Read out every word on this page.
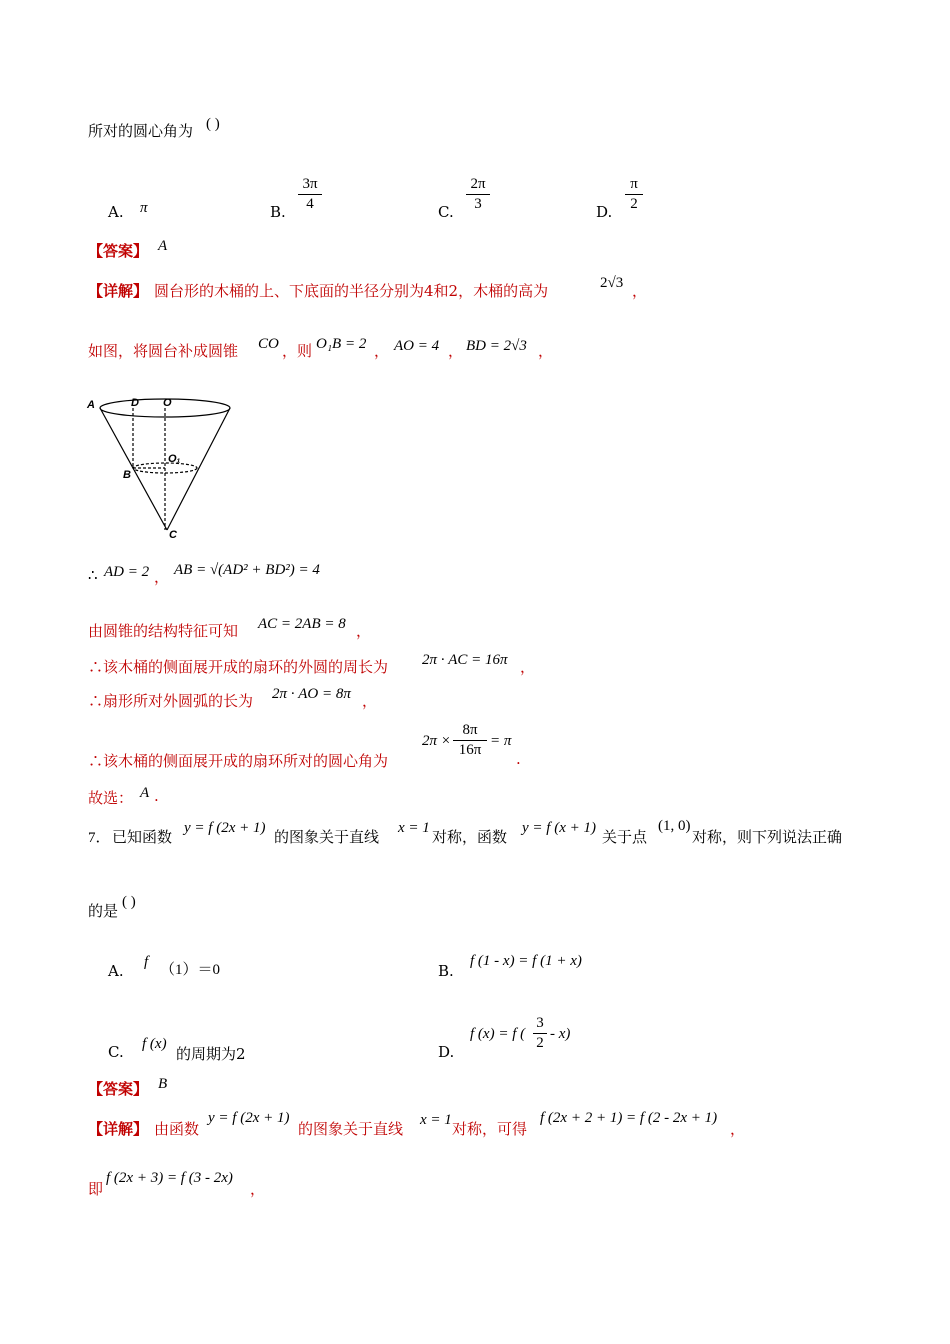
所对的圆心角为 ( )
A. π	B.
3π
4	C.
2π
3	D.
π
2
【答案】 A
【详解】 圆台形的木桶的上、下底面的半径分别为4和2，木桶的高为	2√3 ，
如图，将圆台补成圆锥 CO ，则 O₁B = 2 ， AO = 4 ， BD = 2√3 ，
A	D O
O₁
B
C
∴ AD = 2 ， AB = √(AD² + BD²) = 4
由圆锥的结构特征可知 AC = 2AB = 8 ，
∴该木桶的侧面展开成的扇环的外圆的周长为 2π · AC = 16π ，
∴扇形所对外圆弧的长为 2π · AO = 8π ，
∴该木桶的侧面展开成的扇环所对的圆心角为
2π ×
8π
16π
= π
.
故选： A .
7． 已知函数 y = f (2x + 1) 的图象关于直线 x = 1 对称，函数 y = f (x + 1) 关于点
(1, 0)
对称，则下列说法正确
的是 ( )
A. f （1）＝0	B.
f (1 - x) = f (1 + x)
C. f (x)
的周期为2	D.
f (x) = f (
3
2
- x)
【答案】 B
【详解】 由函数
y = f (2x + 1)
的图象关于直线 x = 1 对称，可得
f (2x + 2 + 1) = f (2 - 2x + 1)
，
即
f (2x + 3) = f (3 - 2x)
，
